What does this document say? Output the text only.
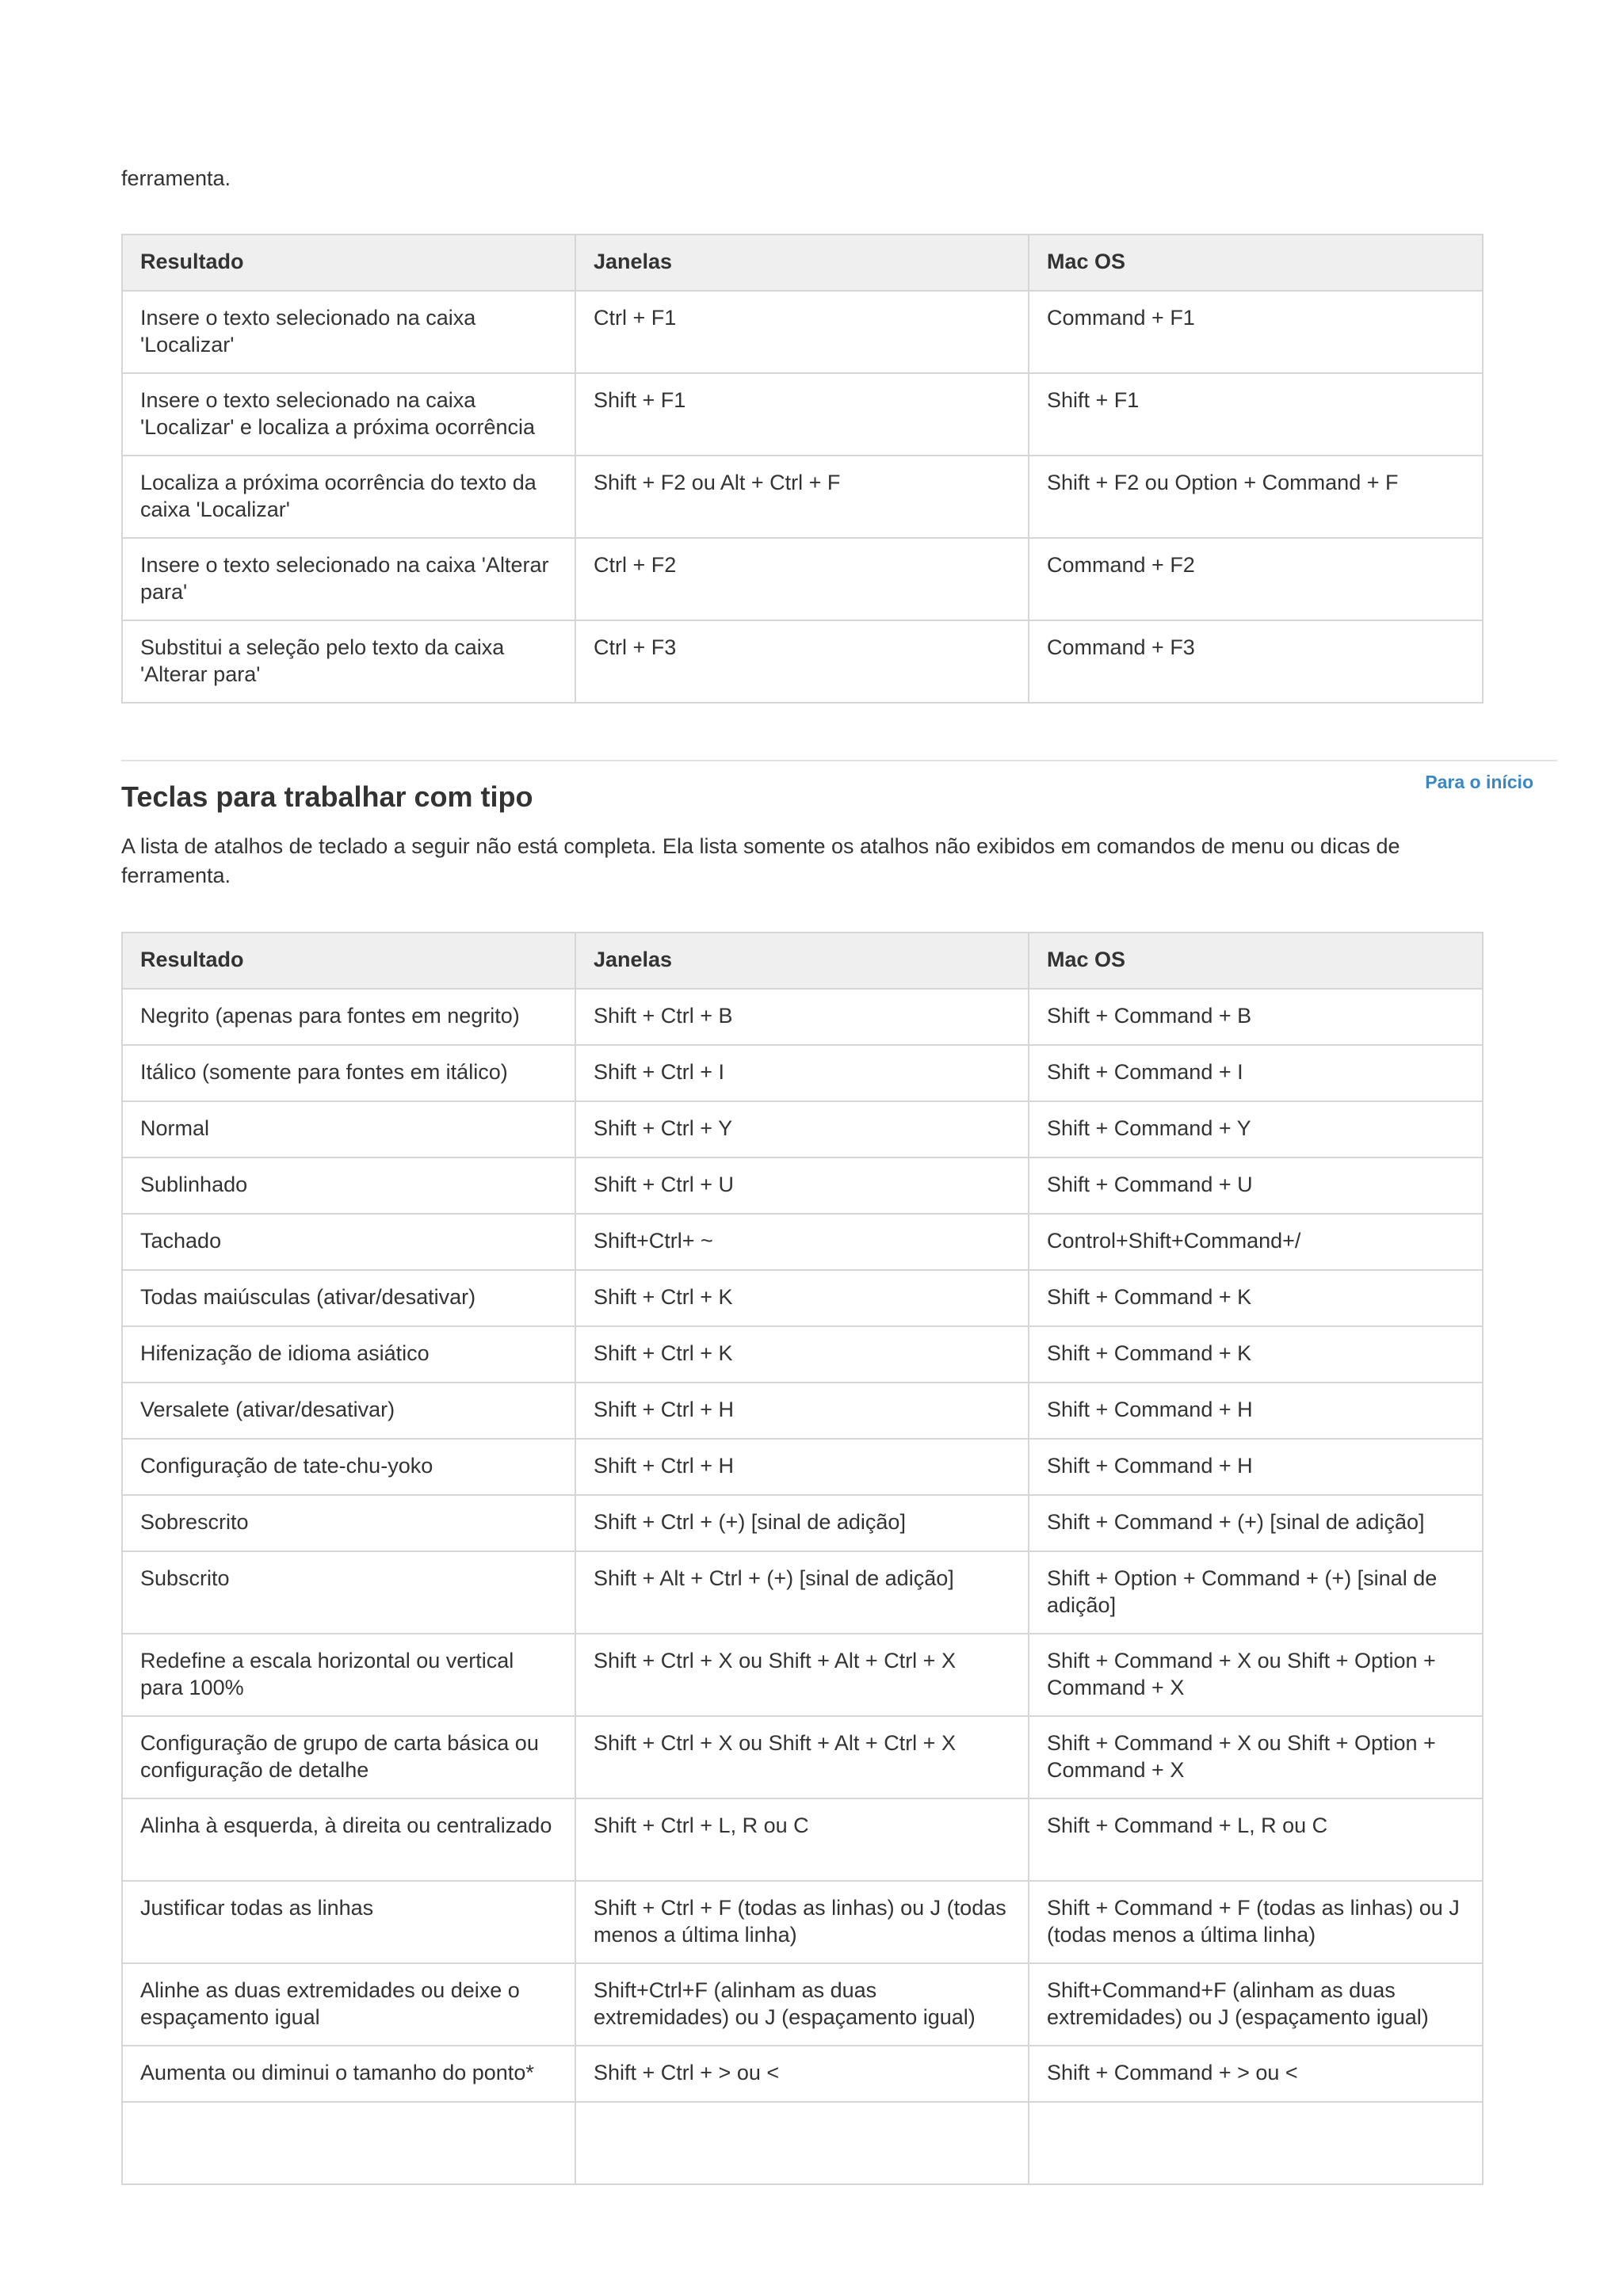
ferramenta.

Resultado	Janelas	Mac OS
Insere o texto selecionado na caixa 'Localizar'	Ctrl + F1	Command + F1
Insere o texto selecionado na caixa 'Localizar' e localiza a próxima ocorrência	Shift + F1	Shift + F1
Localiza a próxima ocorrência do texto da caixa 'Localizar'	Shift + F2 ou Alt + Ctrl + F	Shift + F2 ou Option + Command + F
Insere o texto selecionado na caixa 'Alterar para'	Ctrl + F2	Command + F2
Substitui a seleção pelo texto da caixa 'Alterar para'	Ctrl + F3	Command + F3
Para o início
Teclas para trabalhar com tipo

A lista de atalhos de teclado a seguir não está completa. Ela lista somente os atalhos não exibidos em comandos de menu ou dicas de ferramenta.

Resultado	Janelas	Mac OS
Negrito (apenas para fontes em negrito)	Shift + Ctrl + B	Shift + Command + B
Itálico (somente para fontes em itálico)	Shift + Ctrl + I	Shift + Command + I
Normal	Shift + Ctrl + Y	Shift + Command + Y
Sublinhado	Shift + Ctrl + U	Shift + Command + U
Tachado	Shift+Ctrl+ ~	Control+Shift+Command+/
Todas maiúsculas (ativar/desativar)	Shift + Ctrl + K	Shift + Command + K
Hifenização de idioma asiático	Shift + Ctrl + K	Shift + Command + K
Versalete (ativar/desativar)	Shift + Ctrl + H	Shift + Command + H
Configuração de tate-chu-yoko	Shift + Ctrl + H	Shift + Command + H
Sobrescrito	Shift + Ctrl + (+) [sinal de adição]	Shift + Command + (+) [sinal de adição]
Subscrito	Shift + Alt + Ctrl + (+) [sinal de adição]	Shift + Option + Command + (+) [sinal de adição]
Redefine a escala horizontal ou vertical para 100%	Shift + Ctrl + X ou Shift + Alt + Ctrl + X	Shift + Command + X ou Shift + Option + Command + X
Configuração de grupo de carta básica ou configuração de detalhe	Shift + Ctrl + X ou Shift + Alt + Ctrl + X	Shift + Command + X ou Shift + Option + Command + X
Alinha à esquerda, à direita ou centralizado	Shift + Ctrl + L, R ou C	Shift + Command + L, R ou C
Justificar todas as linhas	Shift + Ctrl + F (todas as linhas) ou J (todas menos a última linha)	Shift + Command + F (todas as linhas) ou J (todas menos a última linha)
Alinhe as duas extremidades ou deixe o espaçamento igual	Shift+Ctrl+F (alinham as duas extremidades) ou J (espaçamento igual)	Shift+Command+F (alinham as duas extremidades) ou J (espaçamento igual)
Aumenta ou diminui o tamanho do ponto*	Shift + Ctrl + > ou <	Shift + Command + > ou <
